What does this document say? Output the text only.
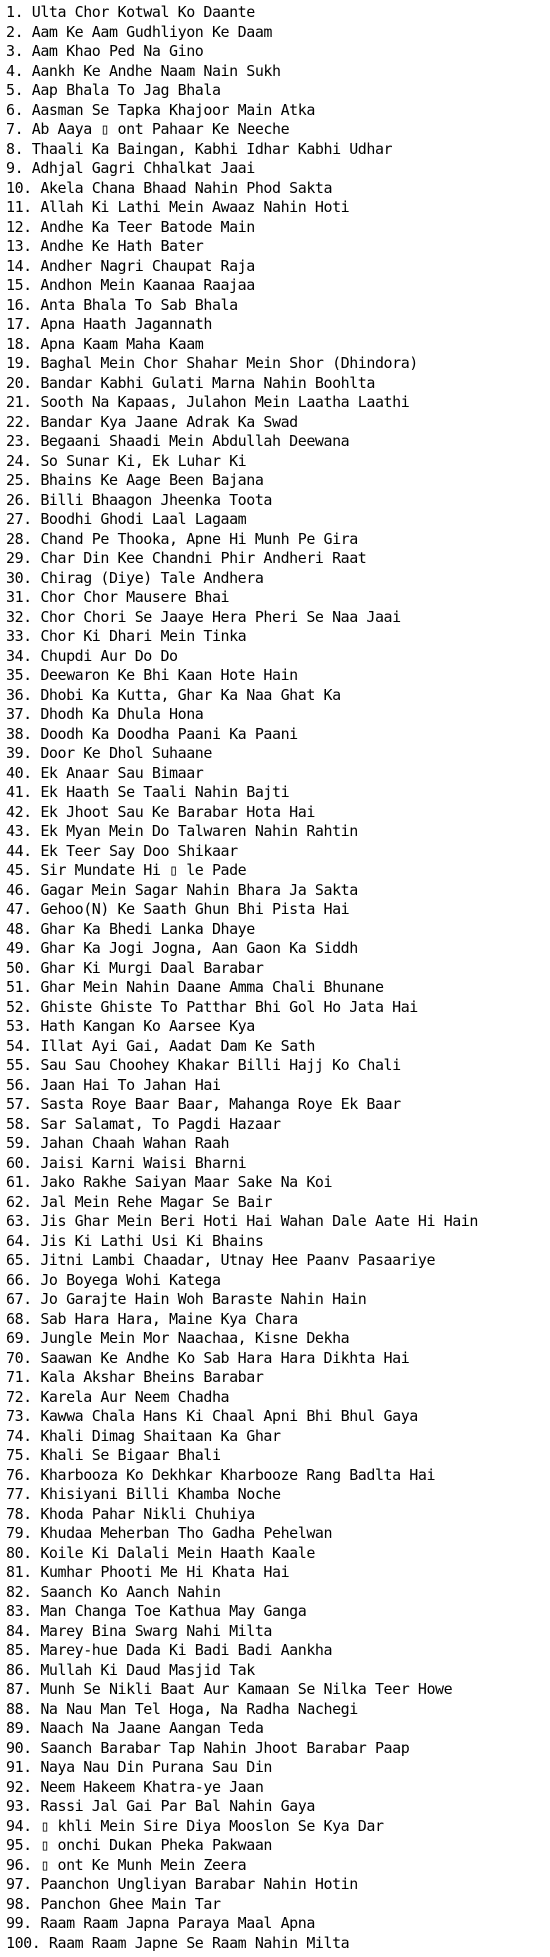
1. Ulta Chor Kotwal Ko Daante
2. Aam Ke Aam Gudhliyon Ke Daam
3. Aam Khao Ped Na Gino
4. Aankh Ke Andhe Naam Nain Sukh
5. Aap Bhala To Jag Bhala
6. Aasman Se Tapka Khajoor Main Atka
7. Ab Aaya ▯ ont Pahaar Ke Neeche
8. Thaali Ka Baingan, Kabhi Idhar Kabhi Udhar
9. Adhjal Gagri Chhalkat Jaai
10. Akela Chana Bhaad Nahin Phod Sakta
11. Allah Ki Lathi Mein Awaaz Nahin Hoti
12. Andhe Ka Teer Batode Main
13. Andhe Ke Hath Bater
14. Andher Nagri Chaupat Raja
15. Andhon Mein Kaanaa Raajaa
16. Anta Bhala To Sab Bhala
17. Apna Haath Jagannath
18. Apna Kaam Maha Kaam
19. Baghal Mein Chor Shahar Mein Shor (Dhindora)
20. Bandar Kabhi Gulati Marna Nahin Boohlta
21. Sooth Na Kapaas, Julahon Mein Laatha Laathi
22. Bandar Kya Jaane Adrak Ka Swad
23. Begaani Shaadi Mein Abdullah Deewana
24. So Sunar Ki, Ek Luhar Ki
25. Bhains Ke Aage Been Bajana
26. Billi Bhaagon Jheenka Toota
27. Boodhi Ghodi Laal Lagaam
28. Chand Pe Thooka, Apne Hi Munh Pe Gira
29. Char Din Kee Chandni Phir Andheri Raat
30. Chirag (Diye) Tale Andhera
31. Chor Chor Mausere Bhai
32. Chor Chori Se Jaaye Hera Pheri Se Naa Jaai
33. Chor Ki Dhari Mein Tinka
34. Chupdi Aur Do Do
35. Deewaron Ke Bhi Kaan Hote Hain
36. Dhobi Ka Kutta, Ghar Ka Naa Ghat Ka
37. Dhodh Ka Dhula Hona
38. Doodh Ka Doodha Paani Ka Paani
39. Door Ke Dhol Suhaane
40. Ek Anaar Sau Bimaar
41. Ek Haath Se Taali Nahin Bajti
42. Ek Jhoot Sau Ke Barabar Hota Hai
43. Ek Myan Mein Do Talwaren Nahin Rahtin
44. Ek Teer Say Doo Shikaar
45. Sir Mundate Hi ▯ le Pade
46. Gagar Mein Sagar Nahin Bhara Ja Sakta
47. Gehoo(N) Ke Saath Ghun Bhi Pista Hai
48. Ghar Ka Bhedi Lanka Dhaye
49. Ghar Ka Jogi Jogna, Aan Gaon Ka Siddh
50. Ghar Ki Murgi Daal Barabar
51. Ghar Mein Nahin Daane Amma Chali Bhunane
52. Ghiste Ghiste To Patthar Bhi Gol Ho Jata Hai
53. Hath Kangan Ko Aarsee Kya
54. Illat Ayi Gai, Aadat Dam Ke Sath
55. Sau Sau Choohey Khakar Billi Hajj Ko Chali
56. Jaan Hai To Jahan Hai
57. Sasta Roye Baar Baar, Mahanga Roye Ek Baar
58. Sar Salamat, To Pagdi Hazaar
59. Jahan Chaah Wahan Raah
60. Jaisi Karni Waisi Bharni
61. Jako Rakhe Saiyan Maar Sake Na Koi
62. Jal Mein Rehe Magar Se Bair
63. Jis Ghar Mein Beri Hoti Hai Wahan Dale Aate Hi Hain
64. Jis Ki Lathi Usi Ki Bhains
65. Jitni Lambi Chaadar, Utnay Hee Paanv Pasaariye
66. Jo Boyega Wohi Katega
67. Jo Garajte Hain Woh Baraste Nahin Hain
68. Sab Hara Hara, Maine Kya Chara
69. Jungle Mein Mor Naachaa, Kisne Dekha
70. Saawan Ke Andhe Ko Sab Hara Hara Dikhta Hai
71. Kala Akshar Bheins Barabar
72. Karela Aur Neem Chadha
73. Kawwa Chala Hans Ki Chaal Apni Bhi Bhul Gaya
74. Khali Dimag Shaitaan Ka Ghar
75. Khali Se Bigaar Bhali
76. Kharbooza Ko Dekhkar Kharbooze Rang Badlta Hai
77. Khisiyani Billi Khamba Noche
78. Khoda Pahar Nikli Chuhiya
79. Khudaa Meherban Tho Gadha Pehelwan
80. Koile Ki Dalali Mein Haath Kaale
81. Kumhar Phooti Me Hi Khata Hai
82. Saanch Ko Aanch Nahin
83. Man Changa Toe Kathua May Ganga
84. Marey Bina Swarg Nahi Milta
85. Marey-hue Dada Ki Badi Badi Aankha
86. Mullah Ki Daud Masjid Tak
87. Munh Se Nikli Baat Aur Kamaan Se Nilka Teer Howe
88. Na Nau Man Tel Hoga, Na Radha Nachegi
89. Naach Na Jaane Aangan Teda
90. Saanch Barabar Tap Nahin Jhoot Barabar Paap
91. Naya Nau Din Purana Sau Din
92. Neem Hakeem Khatra-ye Jaan
93. Rassi Jal Gai Par Bal Nahin Gaya
94. ▯ khli Mein Sire Diya Mooslon Se Kya Dar
95. ▯ onchi Dukan Pheka Pakwaan
96. ▯ ont Ke Munh Mein Zeera
97. Paanchon Ungliyan Barabar Nahin Hotin
98. Panchon Ghee Main Tar
99. Raam Raam Japna Paraya Maal Apna
100. Raam Raam Japne Se Raam Nahin Milta
